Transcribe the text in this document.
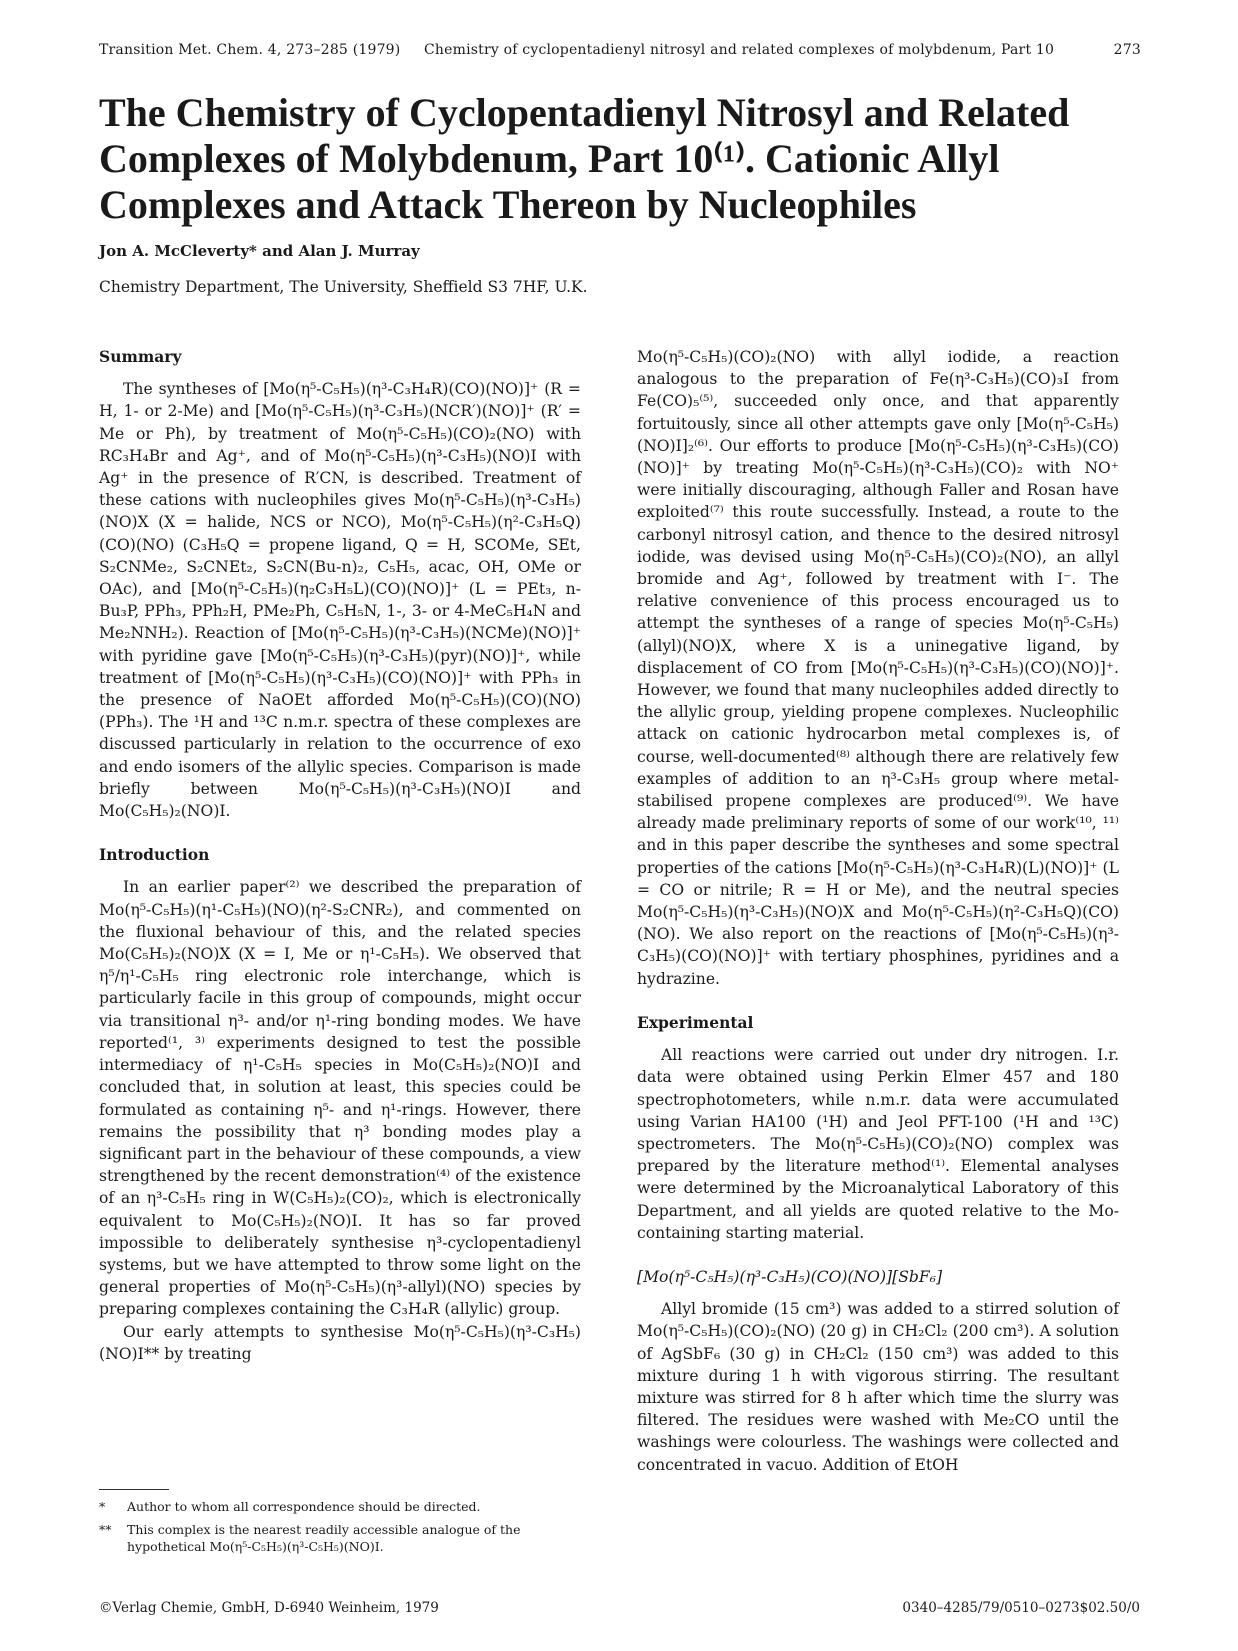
Transition Met. Chem. 4, 273–285 (1979) Chemistry of cyclopentadienyl nitrosyl and related complexes of molybdenum, Part 10	273
The Chemistry of Cyclopentadienyl Nitrosyl and Related Complexes of Molybdenum, Part 10⁽¹⁾. Cationic Allyl Complexes and Attack Thereon by Nucleophiles
Jon A. McCleverty* and Alan J. Murray
Chemistry Department, The University, Sheffield S3 7HF, U.K.
Summary

The syntheses of [Mo(η⁵-C₅H₅)(η³-C₃H₄R)(CO)(NO)]⁺ (R = H, 1- or 2-Me) and [Mo(η⁵-C₅H₅)(η³-C₃H₅)(NCR′)(NO)]⁺ (R′ = Me or Ph), by treatment of Mo(η⁵-C₅H₅)(CO)₂(NO) with RC₃H₄Br and Ag⁺, and of Mo(η⁵-C₅H₅)(η³-C₃H₅)(NO)I with Ag⁺ in the presence of R′CN, is described. Treatment of these cations with nucleophiles gives Mo(η⁵-C₅H₅)(η³-C₃H₅)(NO)X (X = halide, NCS or NCO), Mo(η⁵-C₅H₅)(η²-C₃H₅Q)(CO)(NO) (C₃H₅Q = propene ligand, Q = H, SCOMe, SEt, S₂CNMe₂, S₂CNEt₂, S₂CN(Bu-n)₂, C₅H₅, acac, OH, OMe or OAc), and [Mo(η⁵-C₅H₅)(η₂C₃H₅L)(CO)(NO)]⁺ (L = PEt₃, n-Bu₃P, PPh₃, PPh₂H, PMe₂Ph, C₅H₅N, 1-, 3- or 4-MeC₅H₄N and Me₂NNH₂). Reaction of [Mo(η⁵-C₅H₅)(η³-C₃H₅)(NCMe)(NO)]⁺ with pyridine gave [Mo(η⁵-C₅H₅)(η³-C₃H₅)(pyr)(NO)]⁺, while treatment of [Mo(η⁵-C₅H₅)(η³-C₃H₅)(CO)(NO)]⁺ with PPh₃ in the presence of NaOEt afforded Mo(η⁵-C₅H₅)(CO)(NO)(PPh₃). The ¹H and ¹³C n.m.r. spectra of these complexes are discussed particularly in relation to the occurrence of exo and endo isomers of the allylic species. Comparison is made briefly between Mo(η⁵-C₅H₅)(η³-C₃H₅)(NO)I and Mo(C₅H₅)₂(NO)I.

Introduction

In an earlier paper⁽²⁾ we described the preparation of Mo(η⁵-C₅H₅)(η¹-C₅H₅)(NO)(η²-S₂CNR₂), and commented on the fluxional behaviour of this, and the related species Mo(C₅H₅)₂(NO)X (X = I, Me or η¹-C₅H₅). We observed that η⁵/η¹-C₅H₅ ring electronic role interchange, which is particularly facile in this group of compounds, might occur via transitional η³- and/or η¹-ring bonding modes. We have reported⁽¹, ³⁾ experiments designed to test the possible intermediacy of η¹-C₅H₅ species in Mo(C₅H₅)₂(NO)I and concluded that, in solution at least, this species could be formulated as containing η⁵- and η¹-rings. However, there remains the possibility that η³ bonding modes play a significant part in the behaviour of these compounds, a view strengthened by the recent demonstration⁽⁴⁾ of the existence of an η³-C₅H₅ ring in W(C₅H₅)₂(CO)₂, which is electronically equivalent to Mo(C₅H₅)₂(NO)I. It has so far proved impossible to deliberately synthesise η³-cyclopentadienyl systems, but we have attempted to throw some light on the general properties of Mo(η⁵-C₅H₅)(η³-allyl)(NO) species by preparing complexes containing the C₃H₄R (allylic) group.

Our early attempts to synthesise Mo(η⁵-C₅H₅)(η³-C₃H₅)(NO)I** by treating

Mo(η⁵-C₅H₅)(CO)₂(NO) with allyl iodide, a reaction analogous to the preparation of Fe(η³-C₃H₅)(CO)₃I from Fe(CO)₅⁽⁵⁾, succeeded only once, and that apparently fortuitously, since all other attempts gave only [Mo(η⁵-C₅H₅)(NO)I]₂⁽⁶⁾. Our efforts to produce [Mo(η⁵-C₅H₅)(η³-C₃H₅)(CO)(NO)]⁺ by treating Mo(η⁵-C₅H₅)(η³-C₃H₅)(CO)₂ with NO⁺ were initially discouraging, although Faller and Rosan have exploited⁽⁷⁾ this route successfully. Instead, a route to the carbonyl nitrosyl cation, and thence to the desired nitrosyl iodide, was devised using Mo(η⁵-C₅H₅)(CO)₂(NO), an allyl bromide and Ag⁺, followed by treatment with I⁻. The relative convenience of this process encouraged us to attempt the syntheses of a range of species Mo(η⁵-C₅H₅)(allyl)(NO)X, where X is a uninegative ligand, by displacement of CO from [Mo(η⁵-C₅H₅)(η³-C₃H₅)(CO)(NO)]⁺. However, we found that many nucleophiles added directly to the allylic group, yielding propene complexes. Nucleophilic attack on cationic hydrocarbon metal complexes is, of course, well-documented⁽⁸⁾ although there are relatively few examples of addition to an η³-C₃H₅ group where metal-stabilised propene complexes are produced⁽⁹⁾. We have already made preliminary reports of some of our work⁽¹⁰, ¹¹⁾ and in this paper describe the syntheses and some spectral properties of the cations [Mo(η⁵-C₅H₅)(η³-C₃H₄R)(L)(NO)]⁺ (L = CO or nitrile; R = H or Me), and the neutral species Mo(η⁵-C₅H₅)(η³-C₃H₅)(NO)X and Mo(η⁵-C₅H₅)(η²-C₃H₅Q)(CO)(NO). We also report on the reactions of [Mo(η⁵-C₅H₅)(η³-C₃H₅)(CO)(NO)]⁺ with tertiary phosphines, pyridines and a hydrazine.

Experimental

All reactions were carried out under dry nitrogen. I.r. data were obtained using Perkin Elmer 457 and 180 spectrophotometers, while n.m.r. data were accumulated using Varian HA100 (¹H) and Jeol PFT-100 (¹H and ¹³C) spectrometers. The Mo(η⁵-C₅H₅)(CO)₂(NO) complex was prepared by the literature method⁽¹⁾. Elemental analyses were determined by the Microanalytical Laboratory of this Department, and all yields are quoted relative to the Mo-containing starting material.

[Mo(η⁵-C₅H₅)(η³-C₃H₅)(CO)(NO)][SbF₆]

Allyl bromide (15 cm³) was added to a stirred solution of Mo(η⁵-C₅H₅)(CO)₂(NO) (20 g) in CH₂Cl₂ (200 cm³). A solution of AgSbF₆ (30 g) in CH₂Cl₂ (150 cm³) was added to this mixture during 1 h with vigorous stirring. The resultant mixture was stirred for 8 h after which time the slurry was filtered. The residues were washed with Me₂CO until the washings were colourless. The washings were collected and concentrated in vacuo. Addition of EtOH

*	Author to whom all correspondence should be directed.
**	This complex is the nearest readily accessible analogue of the hypothetical Mo(η⁵-C₅H₅)(η³-C₅H₅)(NO)I.
©Verlag Chemie, GmbH, D-6940 Weinheim, 1979	0340–4285/79/0510–0273$02.50/0
